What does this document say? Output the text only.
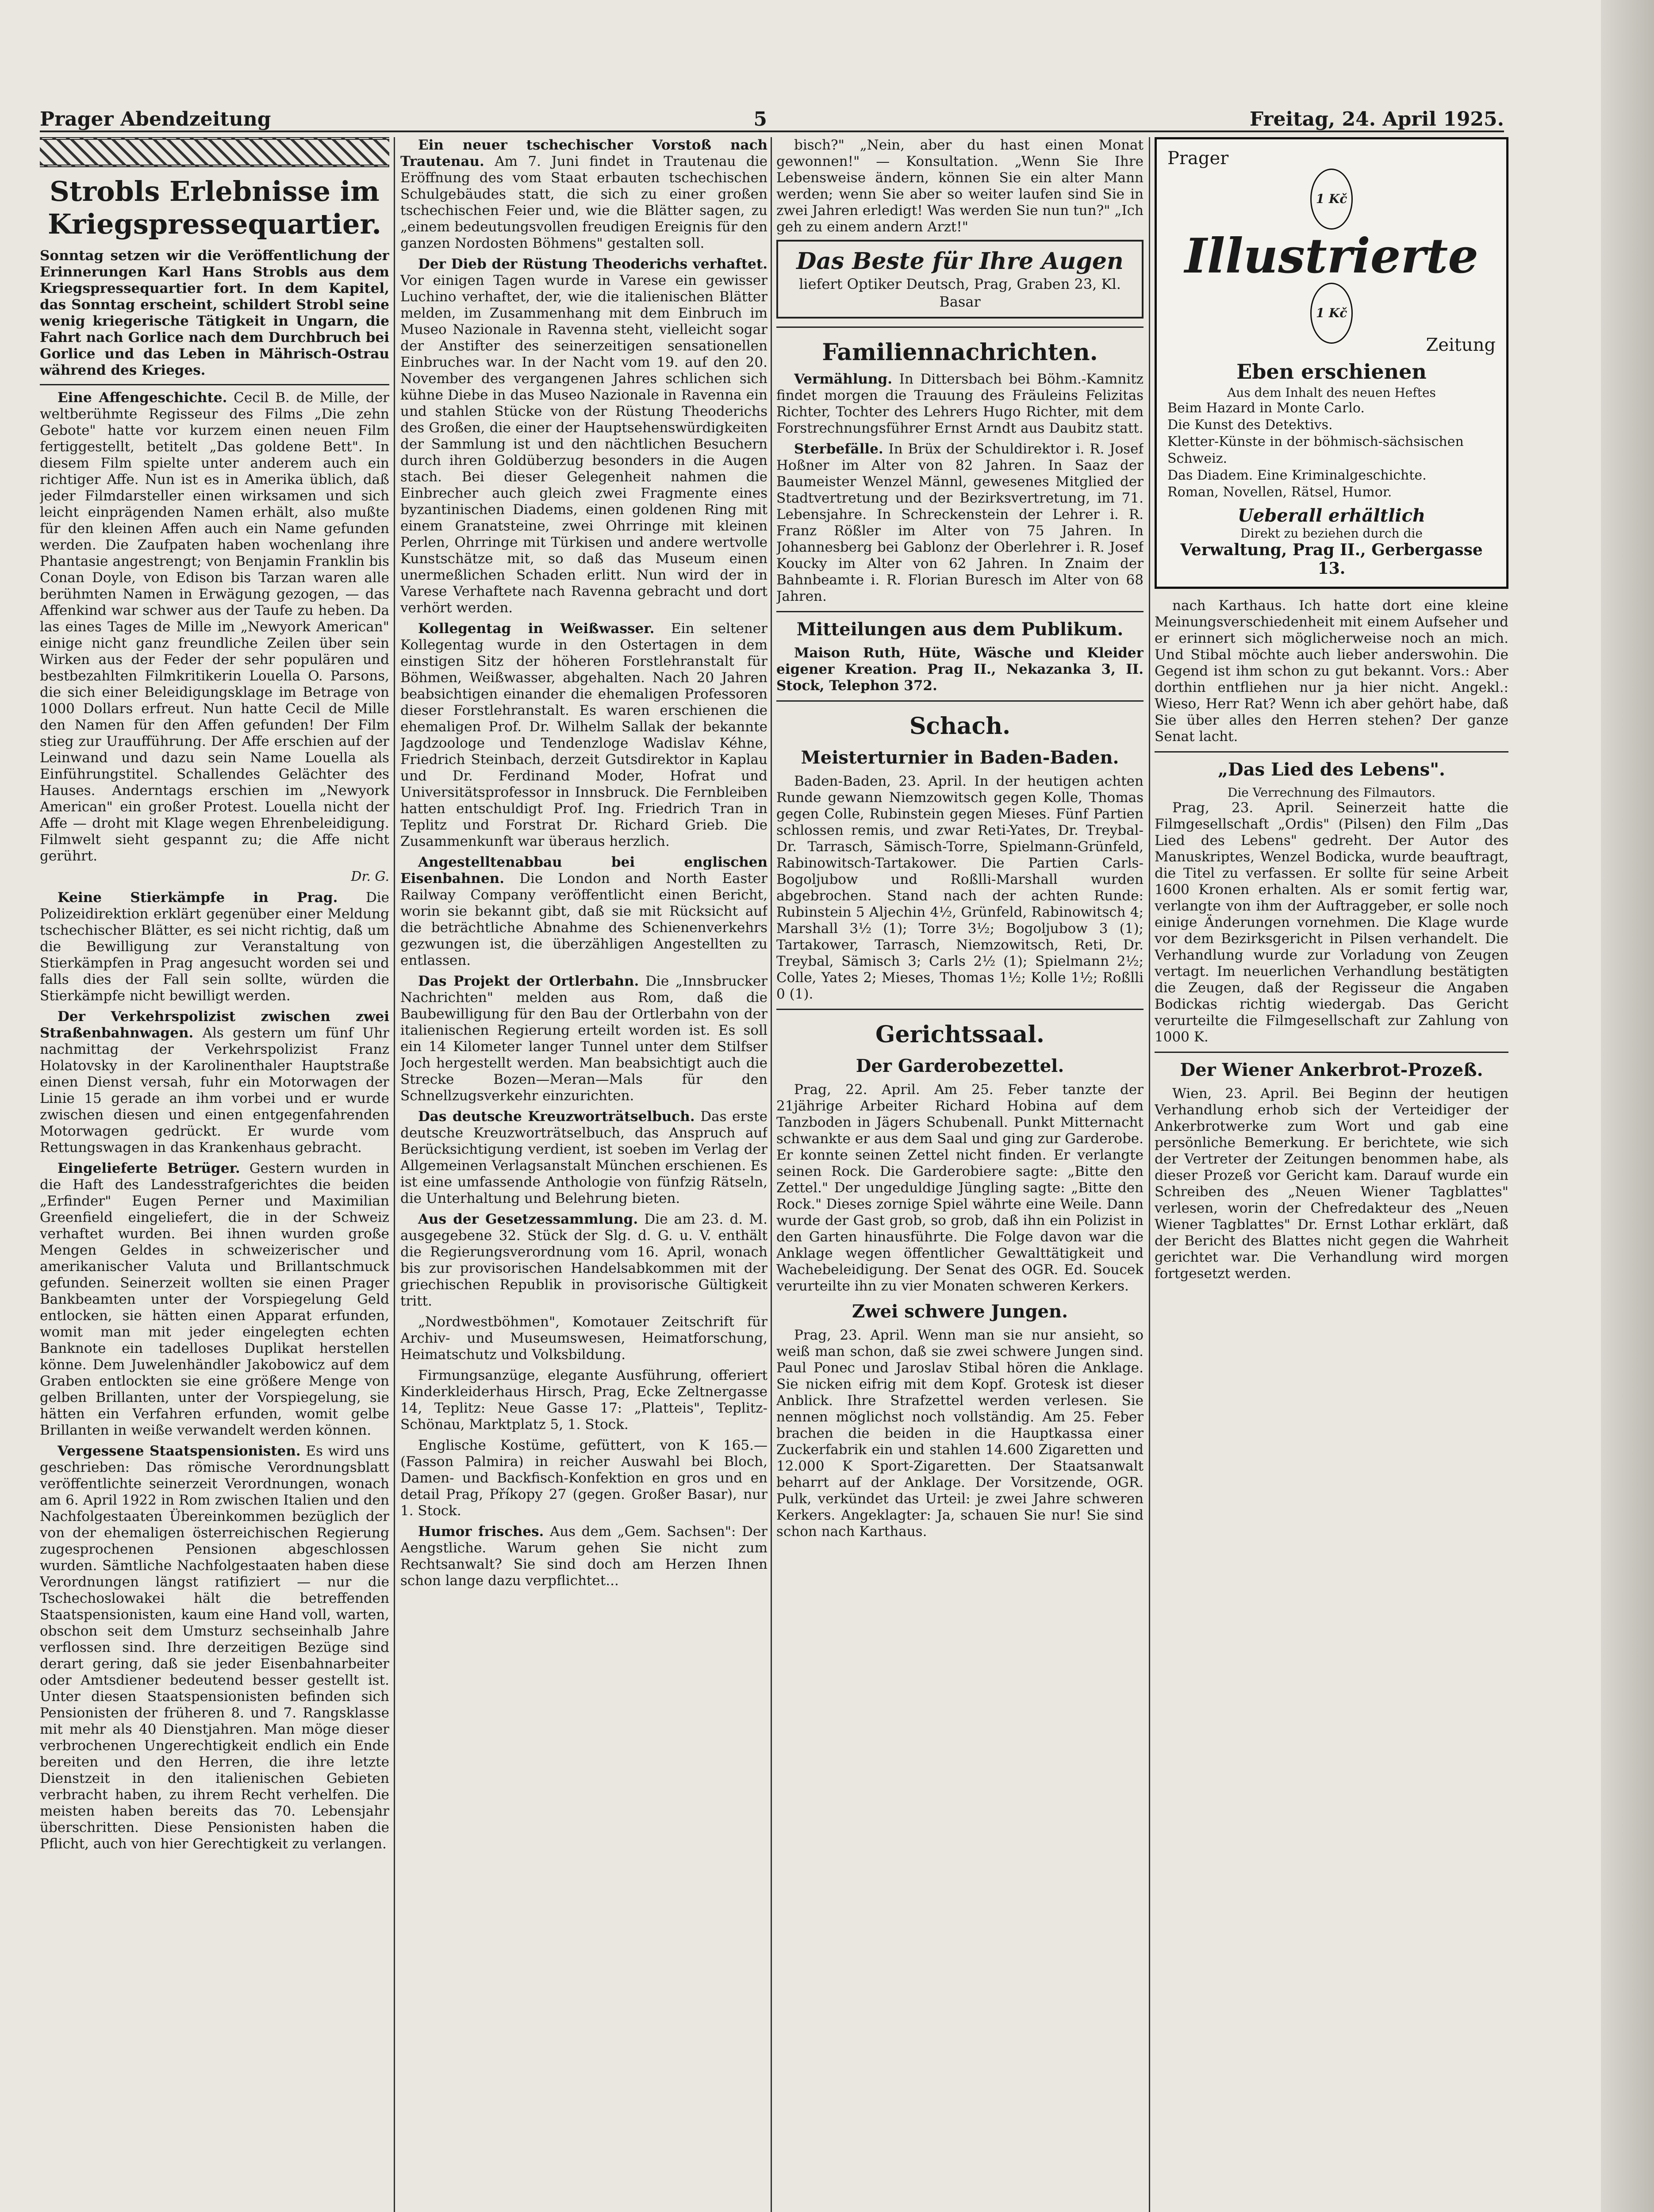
Prager Abendzeitung	5	Freitag, 24. April 1925.
Strobls Erlebnisse im Kriegspressequartier.

Sonntag setzen wir die Veröffentlichung der Erinnerungen Karl Hans Strobls aus dem Kriegspressequartier fort. In dem Kapitel, das Sonntag erscheint, schildert Strobl seine wenig kriegerische Tätigkeit in Ungarn, die Fahrt nach Gorlice nach dem Durchbruch bei Gorlice und das Leben in Mährisch-Ostrau während des Krieges.

Eine Affengeschichte. Cecil B. de Mille, der weltberühmte Regisseur des Films „Die zehn Gebote" hatte vor kurzem einen neuen Film fertiggestellt, betitelt „Das goldene Bett". In diesem Film spielte unter anderem auch ein richtiger Affe. Nun ist es in Amerika üblich, daß jeder Filmdarsteller einen wirksamen und sich leicht einprägenden Namen erhält, also mußte für den kleinen Affen auch ein Name gefunden werden. Die Zaufpaten haben wochenlang ihre Phantasie angestrengt; von Benjamin Franklin bis Conan Doyle, von Edison bis Tarzan waren alle berühmten Namen in Erwägung gezogen, — das Affenkind war schwer aus der Taufe zu heben. Da las eines Tages de Mille im „Newyork American" einige nicht ganz freundliche Zeilen über sein Wirken aus der Feder der sehr populären und bestbezahlten Filmkritikerin Louella O. Parsons, die sich einer Beleidigungsklage im Betrage von 1000 Dollars erfreut. Nun hatte Cecil de Mille den Namen für den Affen gefunden! Der Film stieg zur Uraufführung. Der Affe erschien auf der Leinwand und dazu sein Name Louella als Einführungstitel. Schallendes Gelächter des Hauses. Anderntags erschien im „Newyork American" ein großer Protest. Louella nicht der Affe — droht mit Klage wegen Ehrenbeleidigung. Filmwelt sieht gespannt zu; die Affe nicht gerührt.

Dr. G.

Keine Stierkämpfe in Prag. Die Polizeidirektion erklärt gegenüber einer Meldung tschechischer Blätter, es sei nicht richtig, daß um die Bewilligung zur Veranstaltung von Stierkämpfen in Prag angesucht worden sei und falls dies der Fall sein sollte, würden die Stierkämpfe nicht bewilligt werden.

Der Verkehrspolizist zwischen zwei Straßenbahnwagen. Als gestern um fünf Uhr nachmittag der Verkehrspolizist Franz Holatovsky in der Karolinenthaler Hauptstraße einen Dienst versah, fuhr ein Motorwagen der Linie 15 gerade an ihm vorbei und er wurde zwischen diesen und einen entgegenfahrenden Motorwagen gedrückt. Er wurde vom Rettungswagen in das Krankenhaus gebracht.

Eingelieferte Betrüger. Gestern wurden in die Haft des Landesstrafgerichtes die beiden „Erfinder" Eugen Perner und Maximilian Greenfield eingeliefert, die in der Schweiz verhaftet wurden. Bei ihnen wurden große Mengen Geldes in schweizerischer und amerikanischer Valuta und Brillantschmuck gefunden. Seinerzeit wollten sie einen Prager Bankbeamten unter der Vorspiegelung Geld entlocken, sie hätten einen Apparat erfunden, womit man mit jeder eingelegten echten Banknote ein tadelloses Duplikat herstellen könne. Dem Juwelenhändler Jakobowicz auf dem Graben entlockten sie eine größere Menge von gelben Brillanten, unter der Vorspiegelung, sie hätten ein Verfahren erfunden, womit gelbe Brillanten in weiße verwandelt werden können.

Vergessene Staatspensionisten. Es wird uns geschrieben: Das römische Verordnungsblatt veröffentlichte seinerzeit Verordnungen, wonach am 6. April 1922 in Rom zwischen Italien und den Nachfolgestaaten Übereinkommen bezüglich der von der ehemaligen österreichischen Regierung zugesprochenen Pensionen abgeschlossen wurden. Sämtliche Nachfolgestaaten haben diese Verordnungen längst ratifiziert — nur die Tschechoslowakei hält die betreffenden Staatspensionisten, kaum eine Hand voll, warten, obschon seit dem Umsturz sechseinhalb Jahre verflossen sind. Ihre derzeitigen Bezüge sind derart gering, daß sie jeder Eisenbahnarbeiter oder Amtsdiener bedeutend besser gestellt ist. Unter diesen Staatspensionisten befinden sich Pensionisten der früheren 8. und 7. Rangsklasse mit mehr als 40 Dienstjahren. Man möge dieser verbrochenen Ungerechtigkeit endlich ein Ende bereiten und den Herren, die ihre letzte Dienstzeit in den italienischen Gebieten verbracht haben, zu ihrem Recht verhelfen. Die meisten haben bereits das 70. Lebensjahr überschritten. Diese Pensionisten haben die Pflicht, auch von hier Gerechtigkeit zu verlangen.

Ein neuer tschechischer Vorstoß nach Trautenau. Am 7. Juni findet in Trautenau die Eröffnung des vom Staat erbauten tschechischen Schulgebäudes statt, die sich zu einer großen tschechischen Feier und, wie die Blätter sagen, zu „einem bedeutungsvollen freudigen Ereignis für den ganzen Nordosten Böhmens" gestalten soll.

Der Dieb der Rüstung Theoderichs verhaftet. Vor einigen Tagen wurde in Varese ein gewisser Luchino verhaftet, der, wie die italienischen Blätter melden, im Zusammenhang mit dem Einbruch im Museo Nazionale in Ravenna steht, vielleicht sogar der Anstifter des seinerzeitigen sensationellen Einbruches war. In der Nacht vom 19. auf den 20. November des vergangenen Jahres schlichen sich kühne Diebe in das Museo Nazionale in Ravenna ein und stahlen Stücke von der Rüstung Theoderichs des Großen, die einer der Hauptsehenswürdigkeiten der Sammlung ist und den nächtlichen Besuchern durch ihren Goldüberzug besonders in die Augen stach. Bei dieser Gelegenheit nahmen die Einbrecher auch gleich zwei Fragmente eines byzantinischen Diadems, einen goldenen Ring mit einem Granatsteine, zwei Ohrringe mit kleinen Perlen, Ohrringe mit Türkisen und andere wertvolle Kunstschätze mit, so daß das Museum einen unermeßlichen Schaden erlitt. Nun wird der in Varese Verhaftete nach Ravenna gebracht und dort verhört werden.

Kollegentag in Weißwasser. Ein seltener Kollegentag wurde in den Ostertagen in dem einstigen Sitz der höheren Forstlehranstalt für Böhmen, Weißwasser, abgehalten. Nach 20 Jahren beabsichtigen einander die ehemaligen Professoren dieser Forstlehranstalt. Es waren erschienen die ehemaligen Prof. Dr. Wilhelm Sallak der bekannte Jagdzoologe und Tendenzloge Wadislav Kéhne, Friedrich Steinbach, derzeit Gutsdirektor in Kaplau und Dr. Ferdinand Moder, Hofrat und Universitätsprofessor in Innsbruck. Die Fernbleiben hatten entschuldigt Prof. Ing. Friedrich Tran in Teplitz und Forstrat Dr. Richard Grieb. Die Zusammenkunft war überaus herzlich.

Angestelltenabbau bei englischen Eisenbahnen. Die London and North Easter Railway Company veröffentlicht einen Bericht, worin sie bekannt gibt, daß sie mit Rücksicht auf die beträchtliche Abnahme des Schienenverkehrs gezwungen ist, die überzähligen Angestellten zu entlassen.

Das Projekt der Ortlerbahn. Die „Innsbrucker Nachrichten" melden aus Rom, daß die Baubewilligung für den Bau der Ortlerbahn von der italienischen Regierung erteilt worden ist. Es soll ein 14 Kilometer langer Tunnel unter dem Stilfser Joch hergestellt werden. Man beabsichtigt auch die Strecke Bozen—Meran—Mals für den Schnellzugsverkehr einzurichten.

Das deutsche Kreuzworträtselbuch. Das erste deutsche Kreuzworträtselbuch, das Anspruch auf Berücksichtigung verdient, ist soeben im Verlag der Allgemeinen Verlagsanstalt München erschienen. Es ist eine umfassende Anthologie von fünfzig Rätseln, die Unterhaltung und Belehrung bieten.

Aus der Gesetzessammlung. Die am 23. d. M. ausgegebene 32. Stück der Slg. d. G. u. V. enthält die Regierungsverordnung vom 16. April, wonach bis zur provisorischen Handelsabkommen mit der griechischen Republik in provisorische Gültigkeit tritt.

„Nordwestböhmen", Komotauer Zeitschrift für Archiv- und Museumswesen, Heimatforschung, Heimatschutz und Volksbildung.

Firmungsanzüge, elegante Ausführung, offeriert Kinderkleiderhaus Hirsch, Prag, Ecke Zeltnergasse 14, Teplitz: Neue Gasse 17: „Platteis", Teplitz-Schönau, Marktplatz 5, 1. Stock.

Englische Kostüme, gefüttert, von K 165.— (Fasson Palmira) in reicher Auswahl bei Bloch, Damen- und Backfisch-Konfektion en gros und en detail Prag, Příkopy 27 (gegen. Großer Basar), nur 1. Stock.

Humor frisches. Aus dem „Gem. Sachsen": Der Aengstliche. Warum gehen Sie nicht zum Rechtsanwalt? Sie sind doch am Herzen Ihnen schon lange dazu verpflichtet...

bisch?" „Nein, aber du hast einen Monat gewonnen!" — Konsultation. „Wenn Sie Ihre Lebensweise ändern, können Sie ein alter Mann werden; wenn Sie aber so weiter laufen sind Sie in zwei Jahren erledigt! Was werden Sie nun tun?" „Ich geh zu einem andern Arzt!"

Das Beste für Ihre Augen
liefert Optiker Deutsch, Prag, Graben 23, Kl. Basar
Familiennachrichten.

Vermählung. In Dittersbach bei Böhm.-Kamnitz findet morgen die Trauung des Fräuleins Felizitas Richter, Tochter des Lehrers Hugo Richter, mit dem Forstrechnungsführer Ernst Arndt aus Daubitz statt.

Sterbefälle. In Brüx der Schuldirektor i. R. Josef Hoßner im Alter von 82 Jahren. In Saaz der Baumeister Wenzel Männl, gewesenes Mitglied der Stadtvertretung und der Bezirksvertretung, im 71. Lebensjahre. In Schreckenstein der Lehrer i. R. Franz Rößler im Alter von 75 Jahren. In Johannesberg bei Gablonz der Oberlehrer i. R. Josef Koucky im Alter von 62 Jahren. In Znaim der Bahnbeamte i. R. Florian Buresch im Alter von 68 Jahren.

Mitteilungen aus dem Publikum.

Maison Ruth, Hüte, Wäsche und Kleider eigener Kreation. Prag II., Nekazanka 3, II. Stock, Telephon 372.

Schach.
Meisterturnier in Baden-Baden.

Baden-Baden, 23. April. In der heutigen achten Runde gewann Niemzowitsch gegen Kolle, Thomas gegen Colle, Rubinstein gegen Mieses. Fünf Partien schlossen remis, und zwar Reti-Yates, Dr. Treybal-Dr. Tarrasch, Sämisch-Torre, Spielmann-Grünfeld, Rabinowitsch-Tartakower. Die Partien Carls-Bogoljubow und Roßlli-Marshall wurden abgebrochen. Stand nach der achten Runde: Rubinstein 5 Aljechin 4½, Grünfeld, Rabinowitsch 4; Marshall 3½ (1); Torre 3½; Bogoljubow 3 (1); Tartakower, Tarrasch, Niemzowitsch, Reti, Dr. Treybal, Sämisch 3; Carls 2½ (1); Spielmann 2½; Colle, Yates 2; Mieses, Thomas 1½; Kolle 1½; Roßlli 0 (1).

Gerichtssaal.
Der Garderobezettel.

Prag, 22. April. Am 25. Feber tanzte der 21jährige Arbeiter Richard Hobina auf dem Tanzboden in Jägers Schubenall. Punkt Mitternacht schwankte er aus dem Saal und ging zur Garderobe. Er konnte seinen Zettel nicht finden. Er verlangte seinen Rock. Die Garderobiere sagte: „Bitte den Zettel." Der ungeduldige Jüngling sagte: „Bitte den Rock." Dieses zornige Spiel währte eine Weile. Dann wurde der Gast grob, so grob, daß ihn ein Polizist in den Garten hinausführte. Die Folge davon war die Anklage wegen öffentlicher Gewalttätigkeit und Wachebeleidigung. Der Senat des OGR. Ed. Soucek verurteilte ihn zu vier Monaten schweren Kerkers.

Zwei schwere Jungen.

Prag, 23. April. Wenn man sie nur ansieht, so weiß man schon, daß sie zwei schwere Jungen sind. Paul Ponec und Jaroslav Stibal hören die Anklage. Sie nicken eifrig mit dem Kopf. Grotesk ist dieser Anblick. Ihre Strafzettel werden verlesen. Sie nennen möglichst noch vollständig. Am 25. Feber brachen die beiden in die Hauptkassa einer Zuckerfabrik ein und stahlen 14.600 Zigaretten und 12.000 K Sport-Zigaretten. Der Staatsanwalt beharrt auf der Anklage. Der Vorsitzende, OGR. Pulk, verkündet das Urteil: je zwei Jahre schweren Kerkers. Angeklagter: Ja, schauen Sie nur! Sie sind schon nach Karthaus.

Prager
1 Kč Illustrierte 1 Kč
Zeitung
Eben erschienen
Aus dem Inhalt des neuen Heftes
Beim Hazard in Monte Carlo.
Die Kunst des Detektivs.
Kletter-Künste in der böhmisch-sächsischen Schweiz.
Das Diadem. Eine Kriminalgeschichte.
Roman, Novellen, Rätsel, Humor.
Ueberall erhältlich
Direkt zu beziehen durch die
Verwaltung, Prag II., Gerbergasse 13.

nach Karthaus. Ich hatte dort eine kleine Meinungsverschiedenheit mit einem Aufseher und er erinnert sich möglicherweise noch an mich. Und Stibal möchte auch lieber anderswohin. Die Gegend ist ihm schon zu gut bekannt. Vors.: Aber dorthin entfliehen nur ja hier nicht. Angekl.: Wieso, Herr Rat? Wenn ich aber gehört habe, daß Sie über alles den Herren stehen? Der ganze Senat lacht.

„Das Lied des Lebens".
Die Verrechnung des Filmautors.

Prag, 23. April. Seinerzeit hatte die Filmgesellschaft „Ordis" (Pilsen) den Film „Das Lied des Lebens" gedreht. Der Autor des Manuskriptes, Wenzel Bodicka, wurde beauftragt, die Titel zu verfassen. Er sollte für seine Arbeit 1600 Kronen erhalten. Als er somit fertig war, verlangte von ihm der Auftraggeber, er solle noch einige Änderungen vornehmen. Die Klage wurde vor dem Bezirksgericht in Pilsen verhandelt. Die Verhandlung wurde zur Vorladung von Zeugen vertagt. Im neuerlichen Verhandlung bestätigten die Zeugen, daß der Regisseur die Angaben Bodickas richtig wiedergab. Das Gericht verurteilte die Filmgesellschaft zur Zahlung von 1000 K.

Der Wiener Ankerbrot-Prozeß.

Wien, 23. April. Bei Beginn der heutigen Verhandlung erhob sich der Verteidiger der Ankerbrotwerke zum Wort und gab eine persönliche Bemerkung. Er berichtete, wie sich der Vertreter der Zeitungen benommen habe, als dieser Prozeß vor Gericht kam. Darauf wurde ein Schreiben des „Neuen Wiener Tagblattes" verlesen, worin der Chefredakteur des „Neuen Wiener Tagblattes" Dr. Ernst Lothar erklärt, daß der Bericht des Blattes nicht gegen die Wahrheit gerichtet war. Die Verhandlung wird morgen fortgesetzt werden.
